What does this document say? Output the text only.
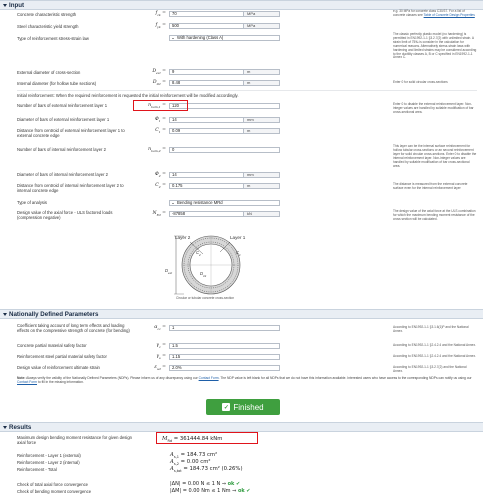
Input
Concrete characteristic strength	$f_{ck}$ =	70	MPa	e.g. 30 MPa for concrete class C30/37. For a list of concrete classes see Table of Concrete Design Properties
Steel characteristic yield strength	$f_{yk}$ =	500	MPa
Type of reinforcement stress-strain law	With hardening (Class A)
The classic perfectly plastic model (no hardening) is permitted in EN1992-1-1 §3.2.7(2) with unlimited strain. A strain limit of 75‰ is consider in the calculation for numerical reasons. Alternatively stress-strain laws with hardening and limited strains may be considered according to the ductility classes A, B or C specified in EN1992-1-1 Annex C.
External diameter of cross-section	$D_{ext}$ =	9	m
Internal diameter (for hollow tube sections)	$D_{int}$ =	8.48	m	Enter 0 for solid circular cross-sections
Initial reinforcement: When the required reinforcement is requested the initial reinforcement will be modified accordingly.
Number of bars of external reinforcement layer 1	$n_{bars,1}$ =	120	Enter 0 to disable the external reinforcement layer. Non-integer values are handled by suitable modification of bar cross-sectional area.
Diameter of bars of external reinforcement layer 1	$\Phi_1$ =	14	mm
Distance from centroid of external reinforcement layer 1 to external concrete edge
$C_1$ =	0.09	m
Number of bars of internal reinforcement layer 2	$n_{bars,2}$ =	0
This layer can be the internal surface reinforcement for hollow tubular cross-sections or an second reinforcement layer for solid circular cross-sections. Enter 0 to disable the internal reinforcement layer. Non-integer values are handled by suitable modification of bar cross-sectional area.
Diameter of bars of internal reinforcement layer 2	$\Phi_2$ =	14	mm
Distance from centroid of internal reinforcement layer 2 to internal concrete edge
$C_2$ =	0.175	m	The distance is measured from the external concrete surface even for the internal reinforcement layer
Type of analysis	Bending resistance MRd
Design value of the axial force - ULS factored loads (compression negative)
$N_{Ed}$ =	-87858	kN	The design value of the axial force at the ULS combination for which the maximum bending moment resistance of the cross section will be calculated.
Layer 2	Layer 1
$C_2$	$C_1$
$D_{ext}$	$D_{int}$
Circular or tubular concrete cross-section
Nationally Defined Parameters
Coefficient taking account of long term effects and loading effects on the compressive strength of concrete (for bending)
$\alpha_{cc}$ =	1	According to EN1992-1-1 §3.1.6(1)P and the National Annex.
Concrete partial material safety factor	$\gamma_c$ =	1.5	According to EN1992-1-1 §2.4.2.4 and the National Annex.
Reinforcement steel partial material safety factor	$\gamma_s$ =	1.15	According to EN1992-1-1 §2.4.2.4 and the National Annex.
Design value of reinforcement ultimate strain	$\varepsilon_{ud}$ =	2.0%	According to EN1992-1-1 §3.2.7(2) and the National Annex.
Note: Always verify the validity of the Nationally Defined Parameters (NDPs). Please inform us of any discrepancy using our Contact Form. The NDP value is left blank for all NDPs that we do not have this information available. Interested users who have access to the corresponding NDPs can notify us using our Contact Form to fill in the missing information.
✓ Finished
Results
Maximum design bending moment resistance for given design axial force
$M_{Rd} = 361444.84$ kNm
Reinforcement - Layer 1 (external)	$A_{s,1} = 184.73$ cm²
Reinforcement - Layer 2 (internal)	$A_{s,2} = 0.00$ cm²
Reinforcement - Total	$A_{s,tot} = 184.73$ cm² (0.26%)
Check of total axial force convergence	|ΔN| = 0.00 N ≤ 1 N ⇒ ok ✔
Check of bending moment convergence	|ΔM| = 0.00 Nm ≤ 1 Nm ⇒ ok ✔
